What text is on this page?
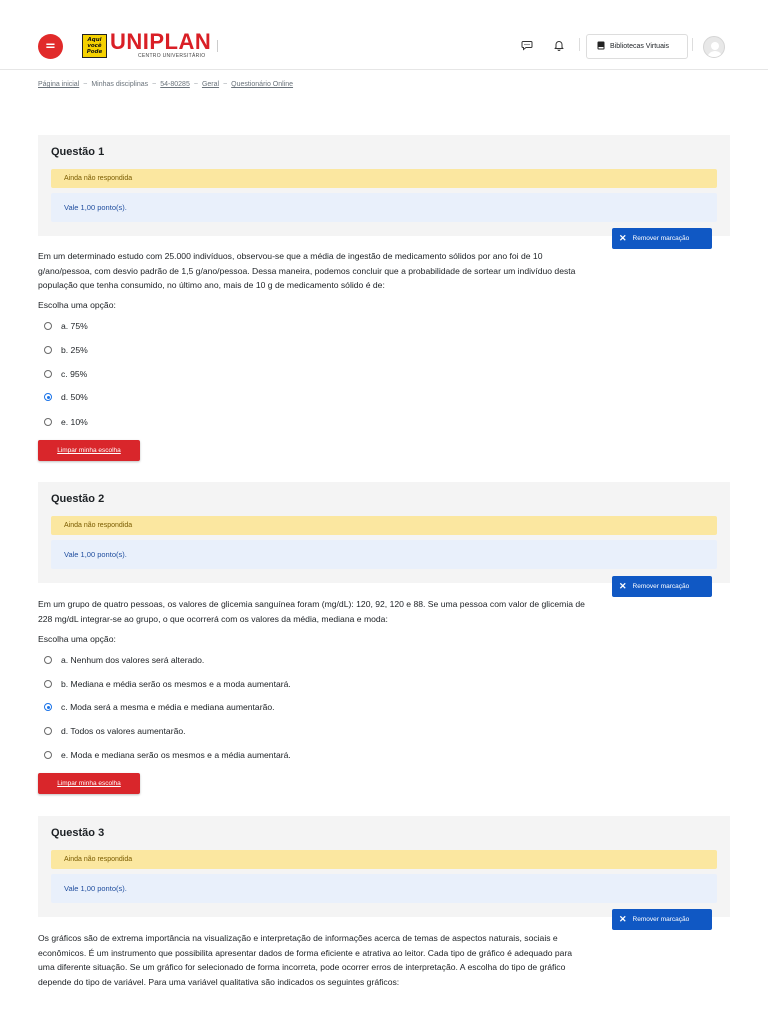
=	Aqui você Pode UNIPLAN
CENTRO UNIVERSITÁRIO
Bibliotecas Virtuais
Página inicial ~ Minhas disciplinas ~ 54-80285 ~ Geral ~ Questionário Online
Questão 1
Ainda não respondida
Vale 1,00 ponto(s).
✕ Remover marcação
Em um determinado estudo com 25.000 indivíduos, observou-se que a média de ingestão de medicamento sólidos por ano foi de 10
g/ano/pessoa, com desvio padrão de 1,5 g/ano/pessoa. Dessa maneira, podemos concluir que a probabilidade de sortear um indivíduo desta
população que tenha consumido, no último ano, mais de 10 g de medicamento sólido é de:
Escolha uma opção:
a. 75%
b. 25%
c. 95%
d. 50%
e. 10%
Limpar minha escolha
Questão 2
Ainda não respondida
Vale 1,00 ponto(s).
✕ Remover marcação
Em um grupo de quatro pessoas, os valores de glicemia sanguínea foram (mg/dL): 120, 92, 120 e 88. Se uma pessoa com valor de glicemia de
228 mg/dL integrar-se ao grupo, o que ocorrerá com os valores da média, mediana e moda:
Escolha uma opção:
a. Nenhum dos valores será alterado.
b. Mediana e média serão os mesmos e a moda aumentará.
c. Moda será a mesma e média e mediana aumentarão.
d. Todos os valores aumentarão.
e. Moda e mediana serão os mesmos e a média aumentará.
Limpar minha escolha
Questão 3
Ainda não respondida
Vale 1,00 ponto(s).
✕ Remover marcação
Os gráficos são de extrema importância na visualização e interpretação de informações acerca de temas de aspectos naturais, sociais e
econômicos. É um instrumento que possibilita apresentar dados de forma eficiente e atrativa ao leitor. Cada tipo de gráfico é adequado para
uma diferente situação. Se um gráfico for selecionado de forma incorreta, pode ocorrer erros de interpretação. A escolha do tipo de gráfico
depende do tipo de variável. Para uma variável qualitativa são indicados os seguintes gráficos:
